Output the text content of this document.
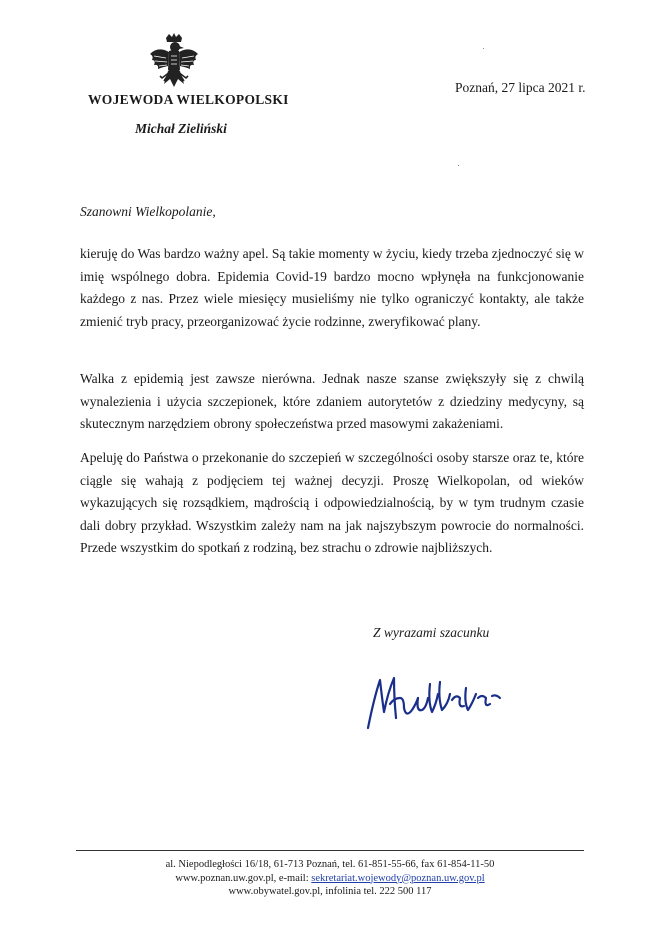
WOJEWODA WIELKOPOLSKI
Michał Zieliński
Poznań, 27 lipca 2021 r.
Szanowni Wielkopolanie,

kieruję do Was bardzo ważny apel. Są takie momenty w życiu, kiedy trzeba zjednoczyć się w imię wspólnego dobra. Epidemia Covid-19 bardzo mocno wpłynęła na funkcjonowanie każdego z nas. Przez wiele miesięcy musieliśmy nie tylko ograniczyć kontakty, ale także zmienić tryb pracy, przeorganizować życie rodzinne, zweryfikować plany.

Walka z epidemią jest zawsze nierówna. Jednak nasze szanse zwiększyły się z chwilą wynalezienia i użycia szczepionek, które zdaniem autorytetów z dziedziny medycyny, są skutecznym narzędziem obrony społeczeństwa przed masowymi zakażeniami.

Apeluję do Państwa o przekonanie do szczepień w szczególności osoby starsze oraz te, które ciągle się wahają z podjęciem tej ważnej decyzji. Proszę Wielkopolan, od wieków wykazujących się rozsądkiem, mądrością i odpowiedzialnością, by w tym trudnym czasie dali dobry przykład. Wszystkim zależy nam na jak najszybszym powrocie do normalności. Przede wszystkim do spotkań z rodziną, bez strachu o zdrowie najbliższych.

Z wyrazami szacunku
al. Niepodległości 16/18, 61-713 Poznań, tel. 61-851-55-66, fax 61-854-11-50
www.poznan.uw.gov.pl, e-mail: sekretariat.wojewody@poznan.uw.gov.pl
www.obywatel.gov.pl, infolinia tel. 222 500 117
